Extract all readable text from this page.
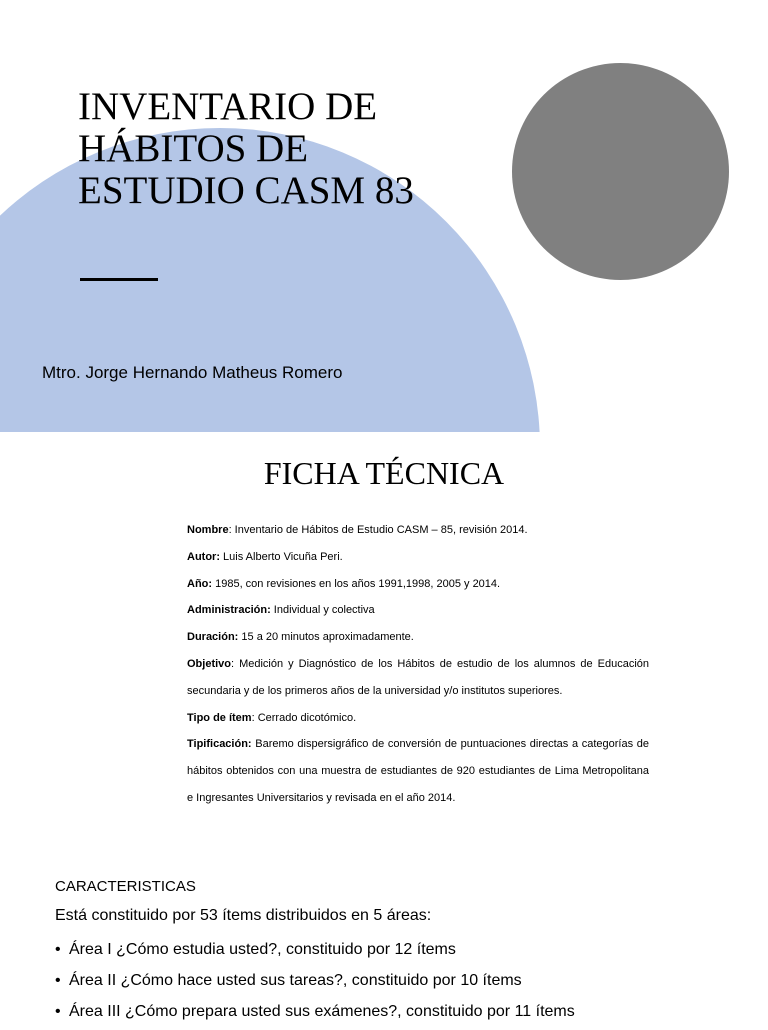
INVENTARIO DE
HÁBITOS DE
ESTUDIO CASM 83
Mtro. Jorge Hernando Matheus Romero
FICHA TÉCNICA

Nombre: Inventario de Hábitos de Estudio CASM – 85, revisión 2014.

Autor: Luis Alberto Vicuña Peri.

Año: 1985, con revisiones en los años 1991,1998, 2005 y 2014.

Administración: Individual y colectiva

Duración: 15 a 20 minutos aproximadamente.

Objetivo: Medición y Diagnóstico de los Hábitos de estudio de los alumnos de Educación secundaria y de los primeros años de la universidad y/o institutos superiores.

Tipo de ítem: Cerrado dicotómico.

Tipificación: Baremo dispersigráfico de conversión de puntuaciones directas a categorías de hábitos obtenidos con una muestra de estudiantes de 920 estudiantes de Lima Metropolitana e Ingresantes Universitarios y revisada en el año 2014.

CARACTERISTICAS
Está constituido por 53 ítems distribuidos en 5 áreas:
• Área I ¿Cómo estudia usted?, constituido por 12 ítems
• Área II ¿Cómo hace usted sus tareas?, constituido por 10 ítems
• Área III ¿Cómo prepara usted sus exámenes?, constituido por 11 ítems
